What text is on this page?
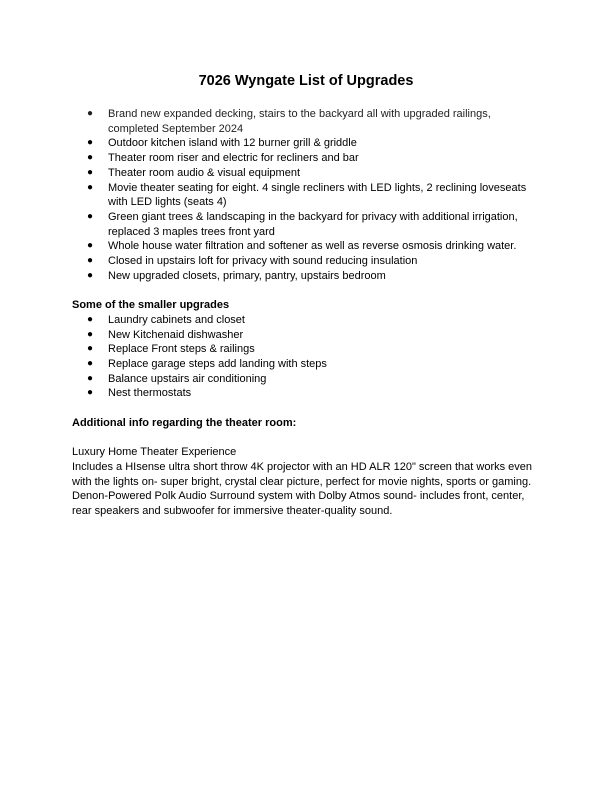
7026 Wyngate List of Upgrades
● Brand new expanded decking, stairs to the backyard all with upgraded railings, completed September 2024
● Outdoor kitchen island with 12 burner grill & griddle
● Theater room riser and electric for recliners and bar
● Theater room audio & visual equipment
● Movie theater seating for eight. 4 single recliners with LED lights, 2 reclining loveseats with LED lights (seats 4)
● Green giant trees & landscaping in the backyard for privacy with additional irrigation, replaced 3 maples trees front yard
● Whole house water filtration and softener as well as reverse osmosis drinking water.
● Closed in upstairs loft for privacy with sound reducing insulation
● New upgraded closets, primary, pantry, upstairs bedroom

Some of the smaller upgrades

● Laundry cabinets and closet
● New Kitchenaid dishwasher
● Replace Front steps & railings
● Replace garage steps add landing with steps
● Balance upstairs air conditioning
● Nest thermostats

Additional info regarding the theater room:

Luxury Home Theater Experience

Includes a HIsense ultra short throw 4K projector with an HD ALR 120" screen that works even with the lights on- super bright, crystal clear picture, perfect for movie nights, sports or gaming. Denon-Powered Polk Audio Surround system with Dolby Atmos sound- includes front, center, rear speakers and subwoofer for immersive theater-quality sound.
